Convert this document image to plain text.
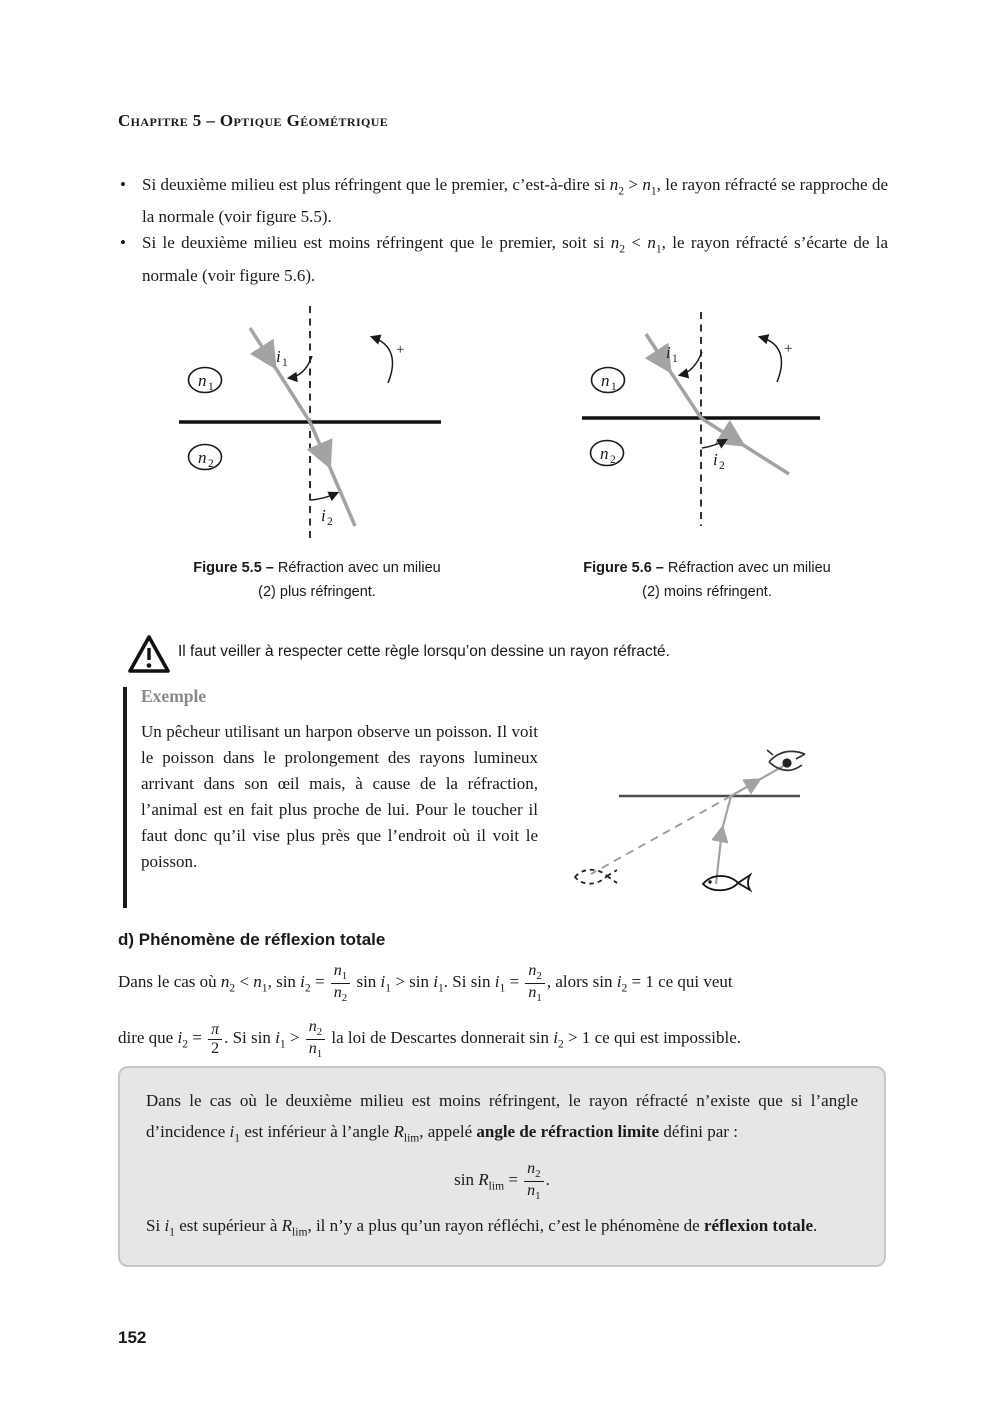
Chapitre 5 – Optique Géométrique
• Si deuxième milieu est plus réfringent que le premier, c’est-à-dire si $n_2 > n_1$, le rayon réfracté se rapproche de la normale (voir figure 5.5).
• Si le deuxième milieu est moins réfringent que le premier, soit si $n_2 < n_1$, le rayon réfracté s’écarte de la normale (voir figure 5.6).
n 1
n 2
i 1
i 2
+
n 1
n 2
i 1
i 2
+
Figure 5.5 – Réfraction avec un milieu (2) plus réfringent.
Figure 5.6 – Réfraction avec un milieu (2) moins réfringent.
Il faut veiller à respecter cette règle lorsqu’on dessine un rayon réfracté.
Exemple
Un pêcheur utilisant un harpon observe un poisson. Il voit le poisson dans le prolongement des rayons lumineux arrivant dans son œil mais, à cause de la réfraction, l’animal est en fait plus proche de lui. Pour le toucher il faut donc qu’il vise plus près que l’endroit où il voit le poisson.
d) Phénomène de réflexion totale
Dans le cas où $n_2 < n_1$, $\sin i_2 = \frac{n_1}{n_2}$ $\sin i_1 > \sin i_1$. Si $\sin i_1 = \frac{n_2}{n_1}$ , alors $\sin i_2 = 1$ ce qui veut
dire que $i_2 = \frac{\pi}{2}$ . Si $\sin i_1 > \frac{n_2}{n_1}$ la loi de Descartes donnerait $\sin i_2 > 1$ ce qui est impossible.
Dans le cas où le deuxième milieu est moins réfringent, le rayon réfracté n’existe que si l’angle d’incidence $i_1$ est inférieur à l’angle $R_{lim}$, appelé angle de réfraction limite défini par :
$\sin R_{lim} = \frac{n_2}{n_1}$ .
Si $i_1$ est supérieur à $R_{lim}$, il n’y a plus qu’un rayon réfléchi, c’est le phénomène de réflexion totale.
152
